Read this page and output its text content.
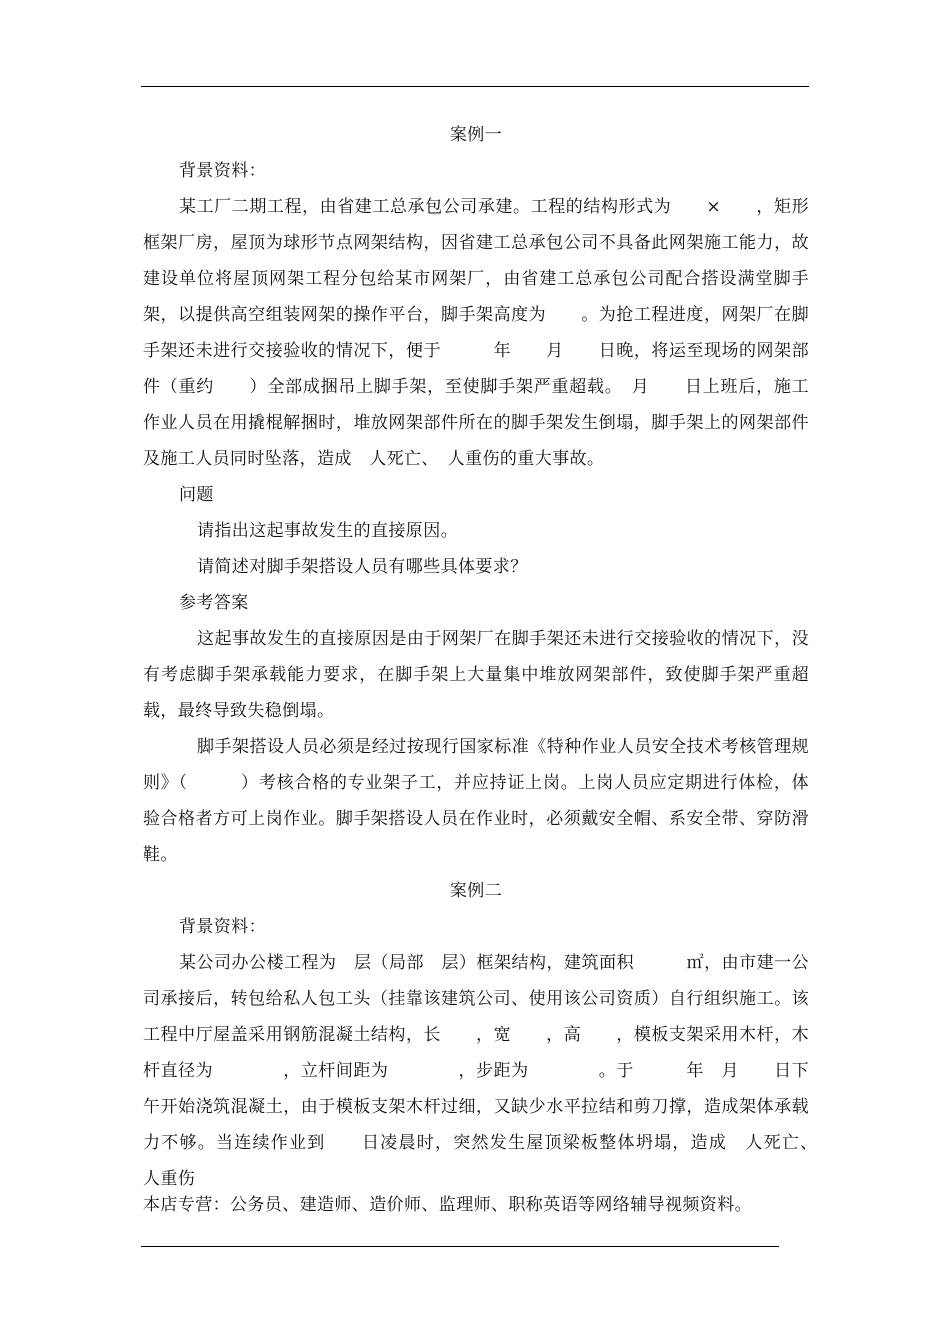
案例一

背景资料：

某工厂二期工程，由省建工总承包公司承建。工程的结构形式为　　×　　，矩形框架厂房，屋顶为球形节点网架结构，因省建工总承包公司不具备此网架施工能力，故建设单位将屋顶网架工程分包给某市网架厂，由省建工总承包公司配合搭设满堂脚手架，以提供高空组装网架的操作平台，脚手架高度为　　。为抢工程进度，网架厂在脚手架还未进行交接验收的情况下，便于　　　年　　月　　日晚，将运至现场的网架部件（重约　　）全部成捆吊上脚手架，至使脚手架严重超载。　月　　日上班后，施工作业人员在用撬棍解捆时，堆放网架部件所在的脚手架发生倒塌，脚手架上的网架部件及施工人员同时坠落，造成　人死亡、　人重伤的重大事故。

问题

请指出这起事故发生的直接原因。

请简述对脚手架搭设人员有哪些具体要求？

参考答案

这起事故发生的直接原因是由于网架厂在脚手架还未进行交接验收的情况下，没有考虑脚手架承载能力要求，在脚手架上大量集中堆放网架部件，致使脚手架严重超载，最终导致失稳倒塌。

脚手架搭设人员必须是经过按现行国家标准《特种作业人员安全技术考核管理规则》（　　　）考核合格的专业架子工，并应持证上岗。上岗人员应定期进行体检，体验合格者方可上岗作业。脚手架搭设人员在作业时，必须戴安全帽、系安全带、穿防滑鞋。

案例二

背景资料：

某公司办公楼工程为　层（局部　层）框架结构，建筑面积　　　㎡，由市建一公司承接后，转包给私人包工头（挂靠该建筑公司、使用该公司资质）自行组织施工。该工程中厅屋盖采用钢筋混凝土结构，长　　，宽　　，高　　，模板支架采用木杆，木杆直径为　　　　，立杆间距为　　　　，步距为　　　　。于　　　年　月　　日下午开始浇筑混凝土，由于模板支架木杆过细，又缺少水平拉结和剪刀撑，造成架体承载力不够。当连续作业到　　日凌晨时，突然发生屋顶梁板整体坍塌，造成　人死亡、　人重伤

本店专营：公务员、建造师、造价师、监理师、职称英语等网络辅导视频资料。
